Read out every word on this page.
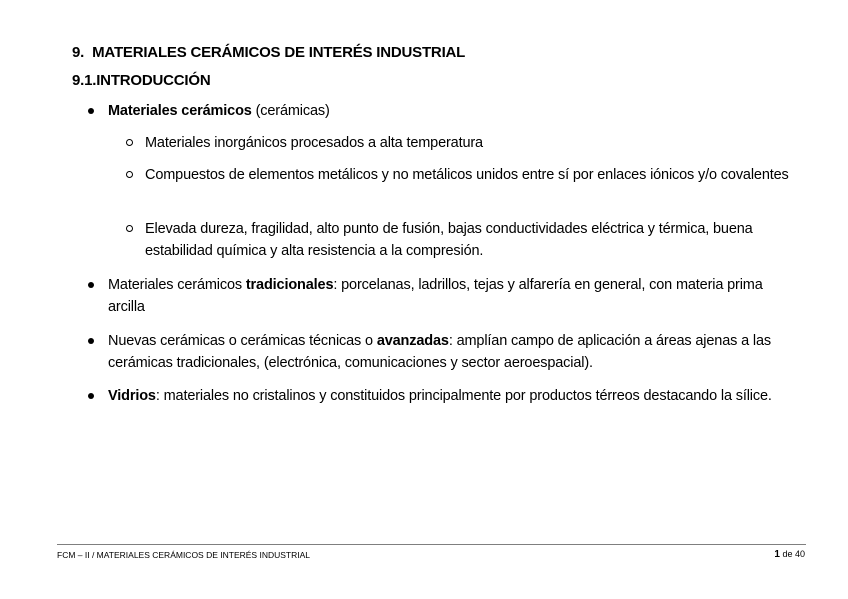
9. MATERIALES CERÁMICOS DE INTERÉS INDUSTRIAL
9.1.INTRODUCCIÓN
Materiales cerámicos (cerámicas)
Materiales inorgánicos procesados a alta temperatura
Compuestos de elementos metálicos y no metálicos unidos entre sí por enlaces iónicos y/o covalentes
Elevada dureza, fragilidad, alto punto de fusión, bajas conductividades eléctrica y térmica, buena estabilidad química y alta resistencia a la compresión.
Materiales cerámicos tradicionales: porcelanas, ladrillos, tejas y alfarería en general, con materia prima arcilla
Nuevas cerámicas o cerámicas técnicas o avanzadas: amplían campo de aplicación a áreas ajenas a las cerámicas tradicionales, (electrónica, comunicaciones y sector aeroespacial).
Vidrios: materiales no cristalinos y constituidos principalmente por productos térreos destacando la sílice.
FCM – II / MATERIALES CERÁMICOS DE INTERÉS INDUSTRIAL	1 de 40
